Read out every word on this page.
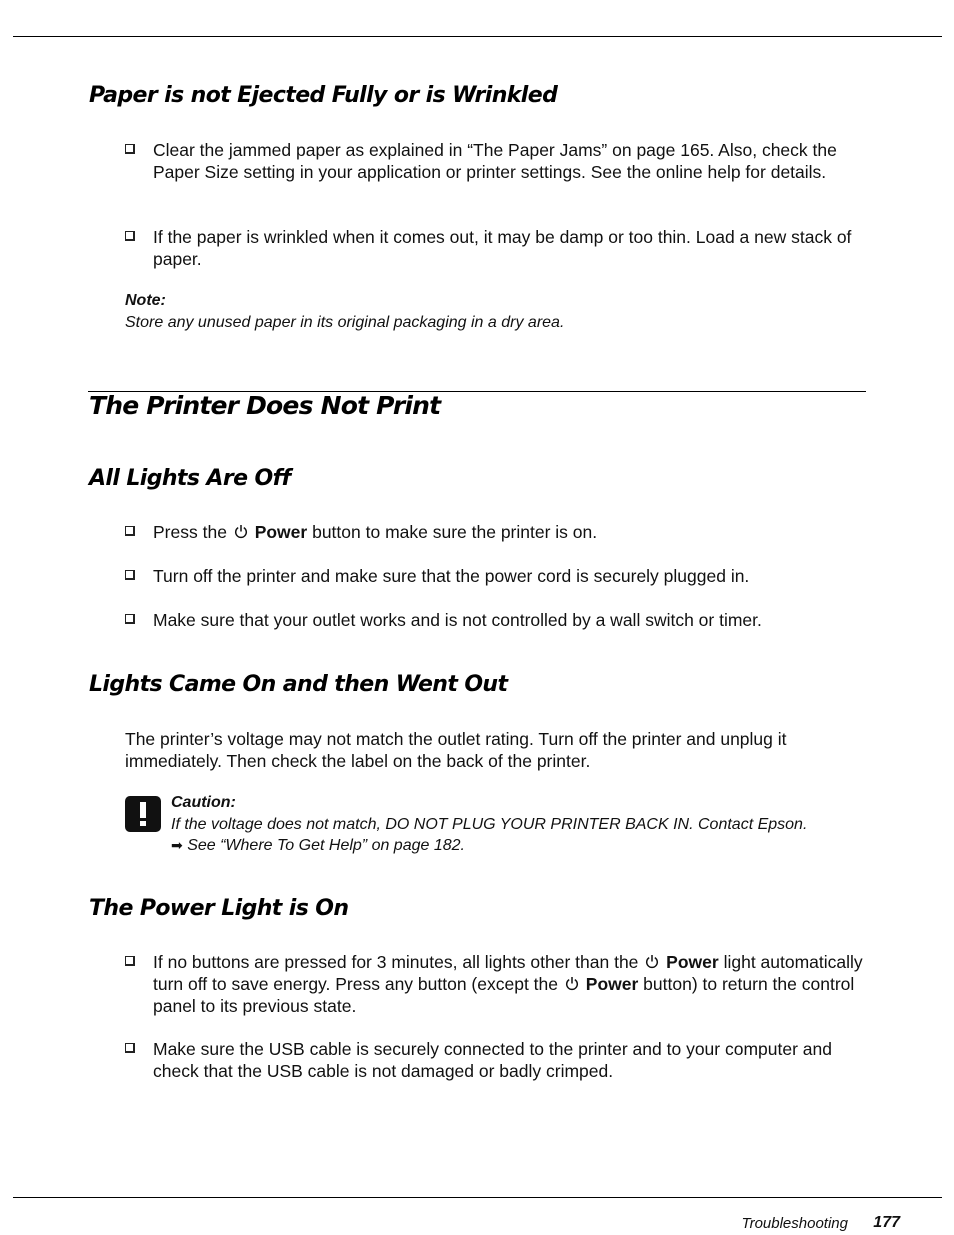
Paper is not Ejected Fully or is Wrinkled
Clear the jammed paper as explained in “The Paper Jams” on page 165. Also, check the Paper Size setting in your application or printer settings. See the online help for details.
If the paper is wrinkled when it comes out, it may be damp or too thin. Load a new stack of paper.
Note:
Store any unused paper in its original packaging in a dry area.
The Printer Does Not Print
All Lights Are Off
Press the Power button to make sure the printer is on.
Turn off the printer and make sure that the power cord is securely plugged in.
Make sure that your outlet works and is not controlled by a wall switch or timer.
Lights Came On and then Went Out
The printer’s voltage may not match the outlet rating. Turn off the printer and unplug it immediately. Then check the label on the back of the printer.
Caution:
If the voltage does not match, DO NOT PLUG YOUR PRINTER BACK IN. Contact Epson.
➡ See “Where To Get Help” on page 182.
The Power Light is On
If no buttons are pressed for 3 minutes, all lights other than the Power light automatically turn off to save energy. Press any button (except the Power button) to return the control panel to its previous state.
Make sure the USB cable is securely connected to the printer and to your computer and check that the USB cable is not damaged or badly crimped.
Troubleshooting 177
